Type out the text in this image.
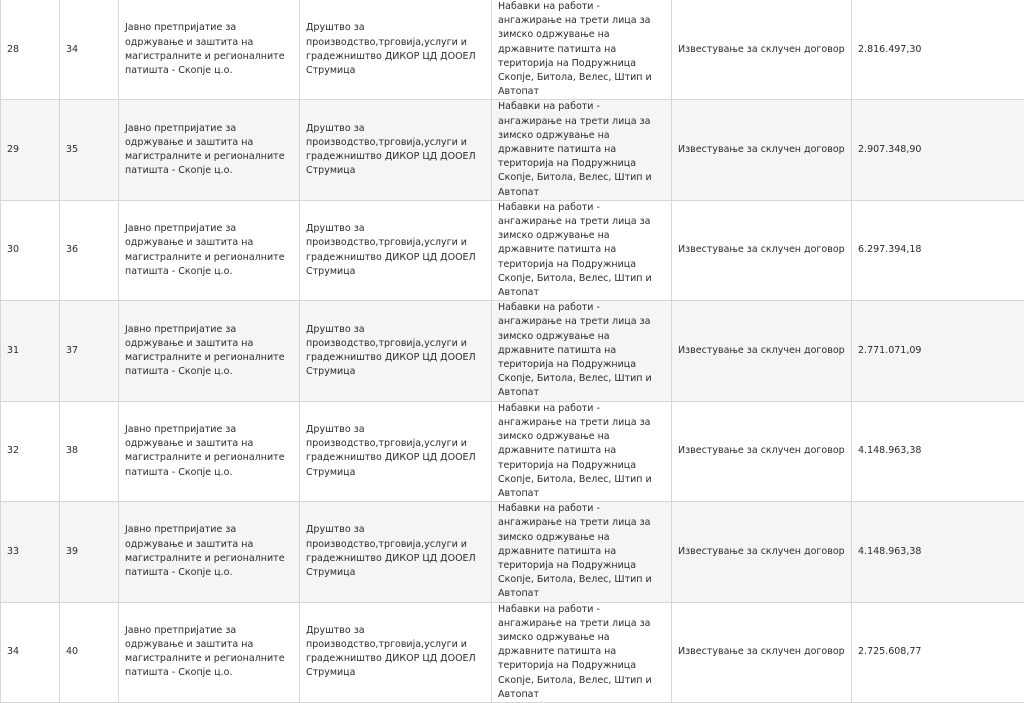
28	34	Јавно претпријатие за одржување и заштита на магистралните и регионалните патишта - Скопје ц.о.	Друштво за производство,трговија,услуги и градежништво ДИКОР ЦД ДООЕЛ Струмица	Набавки на работи - ангажирање на трети лица за зимско одржување на државните патишта на територија на Подружница Скопје, Битола, Велес, Штип и Автопат	Известување за склучен договор	2.816.497,30
29	35	Јавно претпријатие за одржување и заштита на магистралните и регионалните патишта - Скопје ц.о.	Друштво за производство,трговија,услуги и градежништво ДИКОР ЦД ДООЕЛ Струмица	Набавки на работи - ангажирање на трети лица за зимско одржување на државните патишта на територија на Подружница Скопје, Битола, Велес, Штип и Автопат	Известување за склучен договор	2.907.348,90
30	36	Јавно претпријатие за одржување и заштита на магистралните и регионалните патишта - Скопје ц.о.	Друштво за производство,трговија,услуги и градежништво ДИКОР ЦД ДООЕЛ Струмица	Набавки на работи - ангажирање на трети лица за зимско одржување на државните патишта на територија на Подружница Скопје, Битола, Велес, Штип и Автопат	Известување за склучен договор	6.297.394,18
31	37	Јавно претпријатие за одржување и заштита на магистралните и регионалните патишта - Скопје ц.о.	Друштво за производство,трговија,услуги и градежништво ДИКОР ЦД ДООЕЛ Струмица	Набавки на работи - ангажирање на трети лица за зимско одржување на државните патишта на територија на Подружница Скопје, Битола, Велес, Штип и Автопат	Известување за склучен договор	2.771.071,09
32	38	Јавно претпријатие за одржување и заштита на магистралните и регионалните патишта - Скопје ц.о.	Друштво за производство,трговија,услуги и градежништво ДИКОР ЦД ДООЕЛ Струмица	Набавки на работи - ангажирање на трети лица за зимско одржување на државните патишта на територија на Подружница Скопје, Битола, Велес, Штип и Автопат	Известување за склучен договор	4.148.963,38
33	39	Јавно претпријатие за одржување и заштита на магистралните и регионалните патишта - Скопје ц.о.	Друштво за производство,трговија,услуги и градежништво ДИКОР ЦД ДООЕЛ Струмица	Набавки на работи - ангажирање на трети лица за зимско одржување на државните патишта на територија на Подружница Скопје, Битола, Велес, Штип и Автопат	Известување за склучен договор	4.148.963,38
34	40	Јавно претпријатие за одржување и заштита на магистралните и регионалните патишта - Скопје ц.о.	Друштво за производство,трговија,услуги и градежништво ДИКОР ЦД ДООЕЛ Струмица	Набавки на работи - ангажирање на трети лица за зимско одржување на државните патишта на територија на Подружница Скопје, Битола, Велес, Штип и Автопат	Известување за склучен договор	2.725.608,77
